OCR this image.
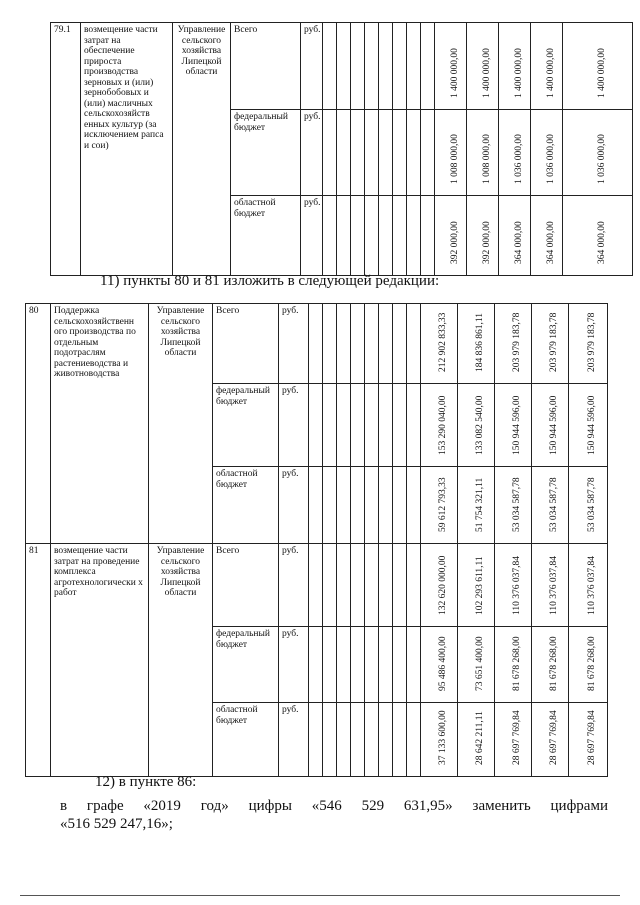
79.1	возмещение части затрат на обеспечение прироста производства зерновых и (или) зернобобовых и (или) масличных сельскохозяйств енных культур (за исключением рапса и сои)	Управление сельского хозяйства Липецкой области	Всего	руб.									1 400 000,00	1 400 000,00	1 400 000,00	1 400 000,00	1 400 000,00

			федеральный бюджет	руб.									1 008 000,00	1 008 000,00	1 036 000,00	1 036 000,00	1 036 000,00

			областной бюджет	руб.									392 000,00	392 000,00	364 000,00	364 000,00	364 000,00
11) пункты 80 и 81 изложить в следующей редакции:
80	Поддержка сельскохозяйственн ого производства по отдельным подотраслям растениеводства и животноводства	Управление сельского хозяйства Липецкой области	Всего	руб.									212 902 833,33	184 836 861,11	203 979 183,78	203 979 183,78	203 979 183,78

			федеральный бюджет	руб.									153 290 040,00	133 082 540,00	150 944 596,00	150 944 596,00	150 944 596,00

			областной бюджет	руб.									59 612 793,33	51 754 321,11	53 034 587,78	53 034 587,78	53 034 587,78

81	возмещение части затрат на проведение комплекса агротехнологически х работ	Управление сельского хозяйства Липецкой области	Всего	руб.									132 620 000,00	102 293 611,11	110 376 037,84	110 376 037,84	110 376 037,84

			федеральный бюджет	руб.									95 486 400,00	73 651 400,00	81 678 268,00	81 678 268,00	81 678 268,00

			областной бюджет	руб.									37 133 600,00	28 642 211,11	28 697 769,84	28 697 769,84	28 697 769,84
12) в пункте 86:
в графе «2019 год» цифры «546 529 631,95» заменить цифрами
«516 529 247,16»;
